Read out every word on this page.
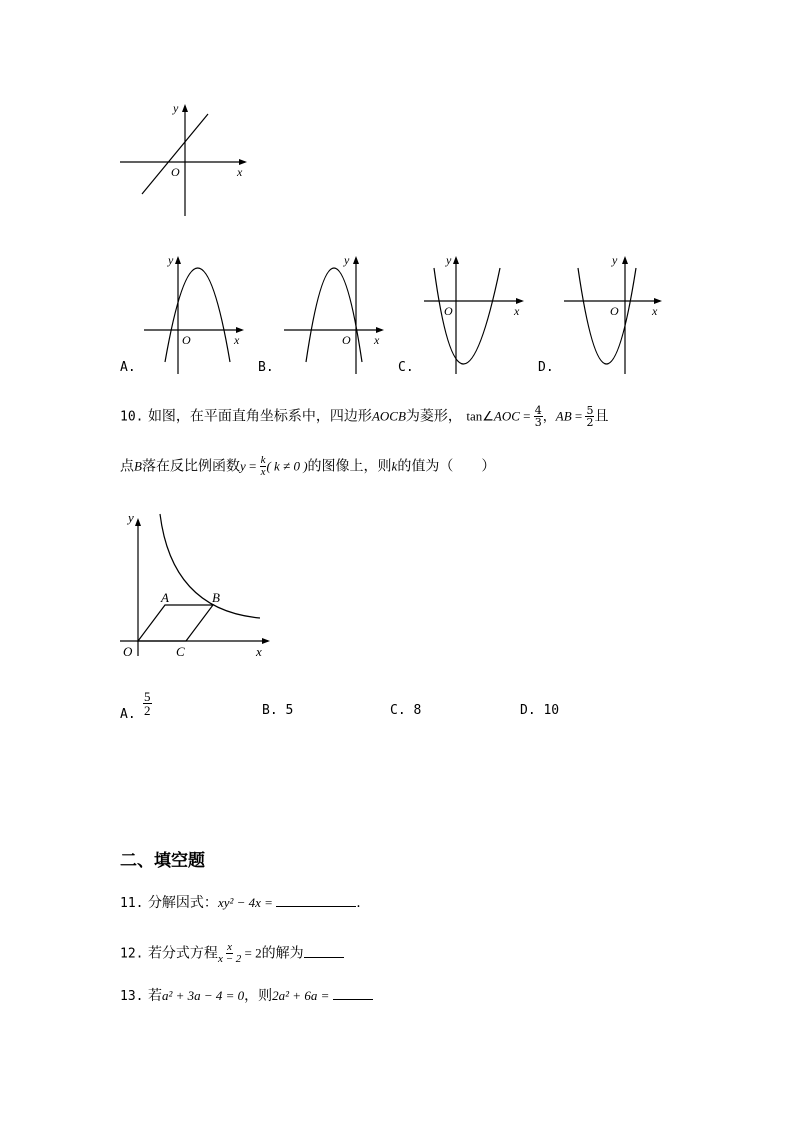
y
O	x
y
O	x
A.
y
O x
B.
y
O	x
C.
y
O	x
D.
10. 如图，在平面直角坐标系中，四边形AOCB为菱形， tan∠AOC = $\frac{4}{3}$ ，AB = $\frac{5}{2}$ 且
点B落在反比例函数$y = \frac{k}{x}$ ( k ≠ 0 )的图像上，则k的值为（　　）
y
O	x
A	B
C
A. $\frac{5}{2}$	B. 5	C. 8	D. 10
二、填空题
11. 分解因式：xy² − 4x =	.
12. 若分式方程 $\frac{x}{x - 2} = 2$的解为
13. 若a² + 3a − 4 = 0，则2a² + 6a =
